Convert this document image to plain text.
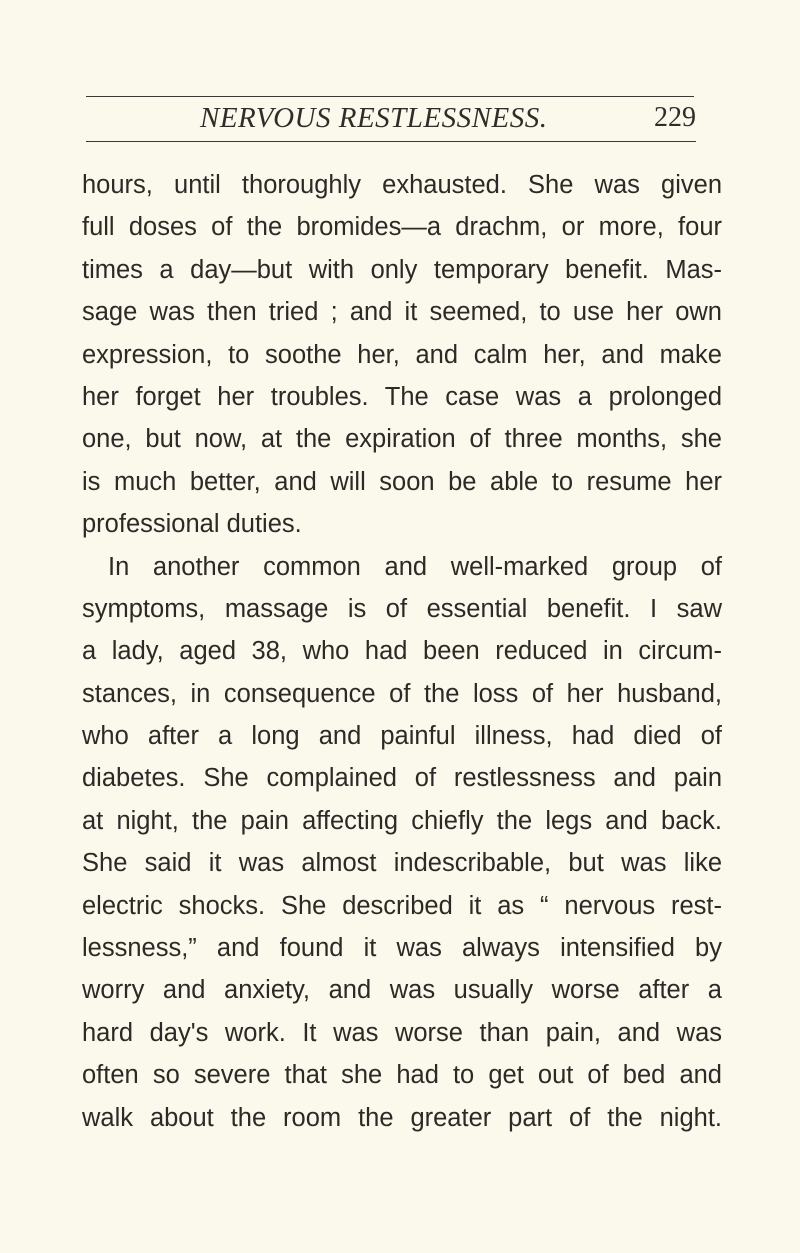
NERVOUS RESTLESSNESS.	229
hours, until thoroughly exhausted. She was given
full doses of the bromides—a drachm, or more, four
times a day—but with only temporary benefit. Mas-
sage was then tried ; and it seemed, to use her own
expression, to soothe her, and calm her, and make
her forget her troubles. The case was a prolonged
one, but now, at the expiration of three months, she
is much better, and will soon be able to resume her
professional duties.
In another common and well-marked group of
symptoms, massage is of essential benefit. I saw
a lady, aged 38, who had been reduced in circum-
stances, in consequence of the loss of her husband,
who after a long and painful illness, had died of
diabetes. She complained of restlessness and pain
at night, the pain affecting chiefly the legs and back.
She said it was almost indescribable, but was like
electric shocks. She described it as “ nervous rest-
lessness,” and found it was always intensified by
worry and anxiety, and was usually worse after a
hard day's work. It was worse than pain, and was
often so severe that she had to get out of bed and
walk about the room the greater part of the night.
